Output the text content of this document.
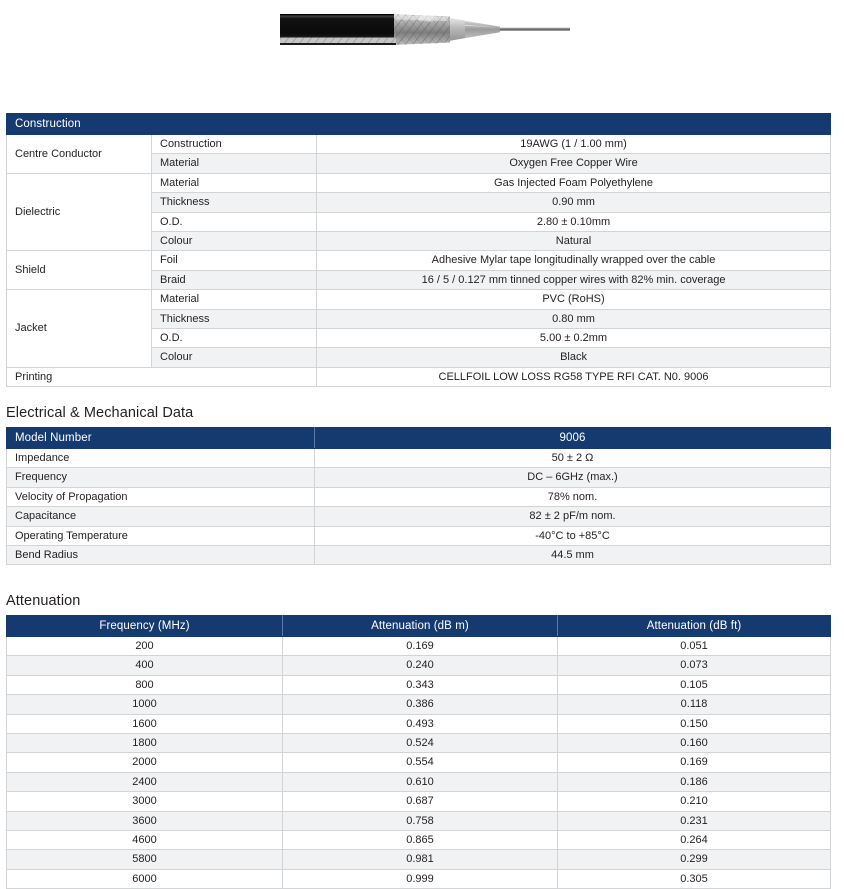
Construction		
Centre Conductor	Construction	19AWG (1 / 1.00 mm)
	Material	Oxygen Free Copper Wire
Dielectric	Material	Gas Injected Foam Polyethylene
	Thickness	0.90 mm
	O.D.	2.80 ± 0.10mm
	Colour	Natural
Shield	Foil	Adhesive Mylar tape longitudinally wrapped over the cable
	Braid	16 / 5 / 0.127 mm tinned copper wires with 82% min. coverage
Jacket	Material	PVC (RoHS)
	Thickness	0.80 mm
	O.D.	5.00 ± 0.2mm
	Colour	Black
Printing		CELLFOIL LOW LOSS RG58 TYPE RFI CAT. N0. 9006
Electrical & Mechanical Data
Model Number	9006
Impedance	50 ± 2 Ω
Frequency	DC – 6GHz (max.)
Velocity of Propagation	78% nom.
Capacitance	82 ± 2 pF/m nom.
Operating Temperature	-40°C to +85°C
Bend Radius	44.5 mm
Attenuation
Frequency (MHz)	Attenuation (dB m)	Attenuation (dB ft)
200	0.169	0.051
400	0.240	0.073
800	0.343	0.105
1000	0.386	0.118
1600	0.493	0.150
1800	0.524	0.160
2000	0.554	0.169
2400	0.610	0.186
3000	0.687	0.210
3600	0.758	0.231
4600	0.865	0.264
5800	0.981	0.299
6000	0.999	0.305
